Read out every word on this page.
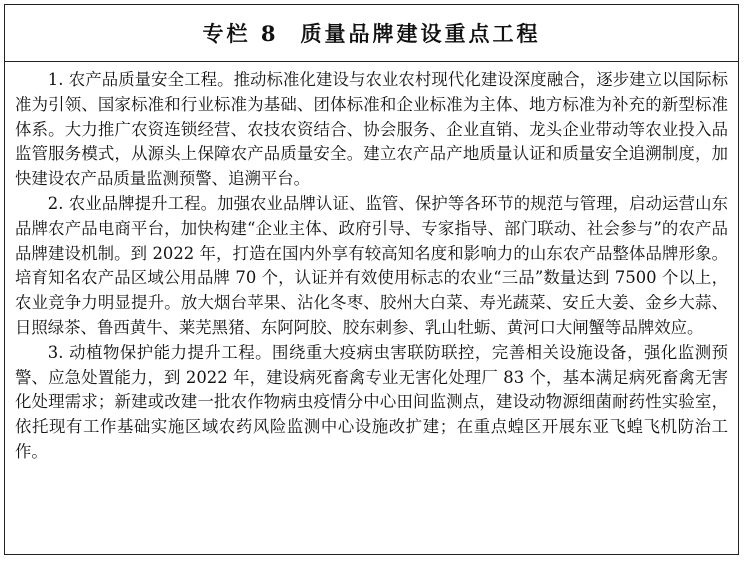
专栏 8 质量品牌建设重点工程

1. 农产品质量安全工程。推动标准化建设与农业农村现代化建设深度融合，逐步建立以国际标准为引领、国家标准和行业标准为基础、团体标准和企业标准为主体、地方标准为补充的新型标准体系。大力推广农资连锁经营、农技农资结合、协会服务、企业直销、龙头企业带动等农业投入品监管服务模式，从源头上保障农产品质量安全。建立农产品产地质量认证和质量安全追溯制度，加快建设农产品质量监测预警、追溯平台。

2. 农业品牌提升工程。加强农业品牌认证、监管、保护等各环节的规范与管理，启动运营山东品牌农产品电商平台，加快构建“企业主体、政府引导、专家指导、部门联动、社会参与”的农产品品牌建设机制。到 2022 年，打造在国内外享有较高知名度和影响力的山东农产品整体品牌形象。培育知名农产品区域公用品牌 70 个，认证并有效使用标志的农业“三品”数量达到 7500 个以上，农业竞争力明显提升。放大烟台苹果、沾化冬枣、胶州大白菜、寿光蔬菜、安丘大姜、金乡大蒜、日照绿茶、鲁西黄牛、莱芜黑猪、东阿阿胶、胶东刺参、乳山牡蛎、黄河口大闸蟹等品牌效应。

3. 动植物保护能力提升工程。围绕重大疫病虫害联防联控，完善相关设施设备，强化监测预警、应急处置能力，到 2022 年，建设病死畜禽专业无害化处理厂 83 个，基本满足病死畜禽无害化处理需求；新建或改建一批农作物病虫疫情分中心田间监测点，建设动物源细菌耐药性实验室，依托现有工作基础实施区域农药风险监测中心设施改扩建；在重点蝗区开展东亚飞蝗飞机防治工作。
